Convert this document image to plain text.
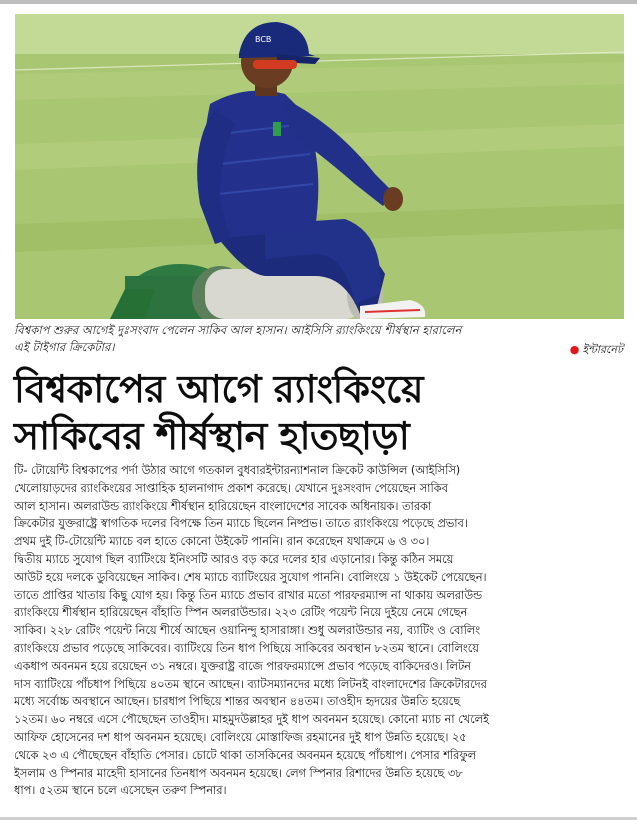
BCB
বিশ্বকাপ শুরুর আগেই দুঃসংবাদ পেলেন সাকিব আল হাসান। আইসিসি র‍্যাংকিংয়ে শীর্ষস্থান হারালেন
এই টাইগার ক্রিকেটার।	● ইন্টারনেট
বিশ্বকাপের আগে র‍্যাংকিংয়ে
সাকিবের শীর্ষস্থান হাতছাড়া
টি- টোয়েন্টি বিশ্বকাপের পর্দা উঠার আগে গতকাল বুধবারইন্টারন্যাশনাল ক্রিকেট কাউন্সিল (আইসিসি)
খেলোয়াড়দের র‍্যাংকিংয়ের সাপ্তাহিক হালনাগাদ প্রকাশ করেছে। যেখানে দুঃসংবাদ পেয়েছেন সাকিব
আল হাসান। অলরাউন্ড র‍্যাংকিংয়ে শীর্ষস্থান হারিয়েছেন বাংলাদেশের সাবেক অধিনায়ক। তারকা
ক্রিকেটার যুক্তরাষ্ট্রে স্বাগতিক দলের বিপক্ষে তিন ম্যাচে ছিলেন নিষ্প্রভ। তাতে র‍্যাংকিংয়ে পড়েছে প্রভাব।
প্রথম দুই টি-টোয়েন্টি ম্যাচে বল হাতে কোনো উইকেট পাননি। রান করেছেন যথাক্রমে ৬ ও ৩০।
দ্বিতীয় ম্যাচে সুযোগ ছিল ব্যাটিংয়ে ইনিংসটি আরও বড় করে দলের হার এড়ানোর। কিন্তু কঠিন সময়ে
আউট হয়ে দলকে ডুবিয়েছেন সাকিব। শেষ ম্যাচে ব্যাটিংয়ের সুযোগ পাননি। বোলিংয়ে ১ উইকেট পেয়েছেন।
তাতে প্রাপ্তির খাতায় কিছু যোগ হয়। কিন্তু তিন ম্যাচে প্রভাব রাখার মতো পারফরম্যান্স না থাকায় অলরাউন্ড
র‍্যাংকিংয়ে শীর্ষস্থান হারিয়েছেন বাঁহাতি স্পিন অলরাউন্ডার। ২২৩ রেটিং পয়েন্ট নিয়ে দুইয়ে নেমে গেছেন
সাকিব। ২২৮ রেটিং পয়েন্ট নিয়ে শীর্ষে আছেন ওয়ানিন্দু হাসারাঙ্গা। শুধু অলরাউন্ডার নয়, ব্যাটিং ও বোলিং
র‍্যাংকিংয়ে প্রভাব পড়েছে সাকিবের। ব্যাটিংয়ে তিন ধাপ পিছিয়ে সাকিবের অবস্থান ৮২তম স্থানে। বোলিংয়ে
একধাপ অবনমন হয়ে রয়েছেন ৩১ নম্বরে। যুক্তরাষ্ট্র বাজে পারফরম্যান্সে প্রভাব পড়েছে বাকিদেরও। লিটন
দাস ব্যাটিংয়ে পাঁচধাপ পিছিয়ে ৪০তম স্থানে আছেন। ব্যাটসম্যানদের মধ্যে লিটনই বাংলাদেশের ক্রিকেটারদের
মধ্যে সর্বোচ্চ অবস্থানে আছেন। চারধাপ পিছিয়ে শান্তর অবস্থান ৪৪তম। তাওহীদ হৃদয়ের উন্নতি হয়েছে
১২তম। ৬০ নম্বরে এসে পৌছেছেন তাওহীদ। মাহমুদউল্লাহর দুই ধাপ অবনমন হয়েছে। কোনো ম্যাচ না খেলেই
আফিফ হোসেনের দশ ধাপ অবনমন হয়েছে। বোলিংয়ে মোস্তাফিজ রহমানের দুই ধাপ উন্নতি হয়েছে। ২৫
থেকে ২৩ এ পৌছেছেন বাঁহাতি পেসার। চোটে থাকা তাসকিনের অবনমন হয়েছে পাঁচধাপ। পেসার শরিফুল
ইসলাম ও স্পিনার মাহেদী হাসানের তিনধাপ অবনমন হয়েছে। লেগ স্পিনার রিশাদের উন্নতি হয়েছে ৩৮
ধাপ। ৫২তম স্থানে চলে এসেছেন তরুণ স্পিনার।
